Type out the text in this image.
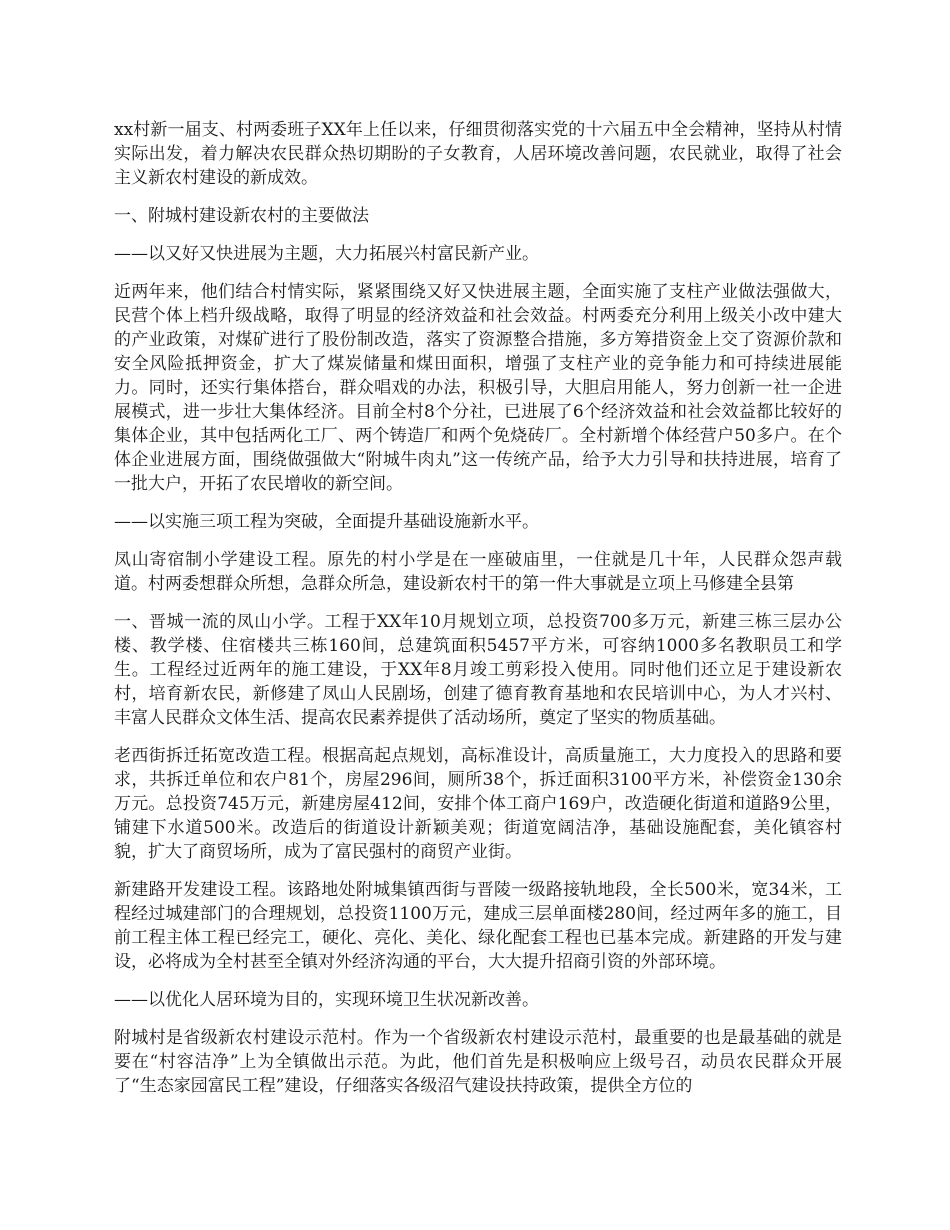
xx村新一届支、村两委班子XX年上任以来，仔细贯彻落实党的十六届五中全会精神，坚持从村情实际出发，着力解决农民群众热切期盼的子女教育，人居环境改善问题，农民就业，取得了社会主义新农村建设的新成效。

一、附城村建设新农村的主要做法

——以又好又快进展为主题，大力拓展兴村富民新产业。

近两年来，他们结合村情实际，紧紧围绕又好又快进展主题，全面实施了支柱产业做法强做大，民营个体上档升级战略，取得了明显的经济效益和社会效益。村两委充分利用上级关小改中建大的产业政策，对煤矿进行了股份制改造，落实了资源整合措施，多方筹措资金上交了资源价款和安全风险抵押资金，扩大了煤炭储量和煤田面积，增强了支柱产业的竞争能力和可持续进展能力。同时，还实行集体搭台，群众唱戏的办法，积极引导，大胆启用能人，努力创新一社一企进展模式，进一步壮大集体经济。目前全村8个分社，已进展了6个经济效益和社会效益都比较好的集体企业，其中包括两化工厂、两个铸造厂和两个免烧砖厂。全村新增个体经营户50多户。在个体企业进展方面，围绕做强做大“附城牛肉丸”这一传统产品，给予大力引导和扶持进展，培育了一批大户，开拓了农民增收的新空间。

——以实施三项工程为突破，全面提升基础设施新水平。

凤山寄宿制小学建设工程。原先的村小学是在一座破庙里，一住就是几十年，人民群众怨声载道。村两委想群众所想，急群众所急，建设新农村干的第一件大事就是立项上马修建全县第

一、晋城一流的凤山小学。工程于XX年10月规划立项，总投资700多万元，新建三栋三层办公楼、教学楼、住宿楼共三栋160间，总建筑面积5457平方米，可容纳1000多名教职员工和学生。工程经过近两年的施工建设，于XX年8月竣工剪彩投入使用。同时他们还立足于建设新农村，培育新农民，新修建了凤山人民剧场，创建了德育教育基地和农民培训中心，为人才兴村、丰富人民群众文体生活、提高农民素养提供了活动场所，奠定了坚实的物质基础。

老西街拆迁拓宽改造工程。根据高起点规划，高标准设计，高质量施工，大力度投入的思路和要求，共拆迁单位和农户81个，房屋296间，厕所38个，拆迁面积3100平方米，补偿资金130余万元。总投资745万元，新建房屋412间，安排个体工商户169户，改造硬化街道和道路9公里，铺建下水道500米。改造后的街道设计新颖美观；街道宽阔洁净，基础设施配套，美化镇容村貌，扩大了商贸场所，成为了富民强村的商贸产业街。

新建路开发建设工程。该路地处附城集镇西街与晋陵一级路接轨地段，全长500米，宽34米，工程经过城建部门的合理规划，总投资1100万元，建成三层单面楼280间，经过两年多的施工，目前工程主体工程已经完工，硬化、亮化、美化、绿化配套工程也已基本完成。新建路的开发与建设，必将成为全村甚至全镇对外经济沟通的平台，大大提升招商引资的外部环境。

——以优化人居环境为目的，实现环境卫生状况新改善。

附城村是省级新农村建设示范村。作为一个省级新农村建设示范村，最重要的也是最基础的就是要在“村容洁净”上为全镇做出示范。为此，他们首先是积极响应上级号召，动员农民群众开展了“生态家园富民工程”建设，仔细落实各级沼气建设扶持政策，提供全方位的
